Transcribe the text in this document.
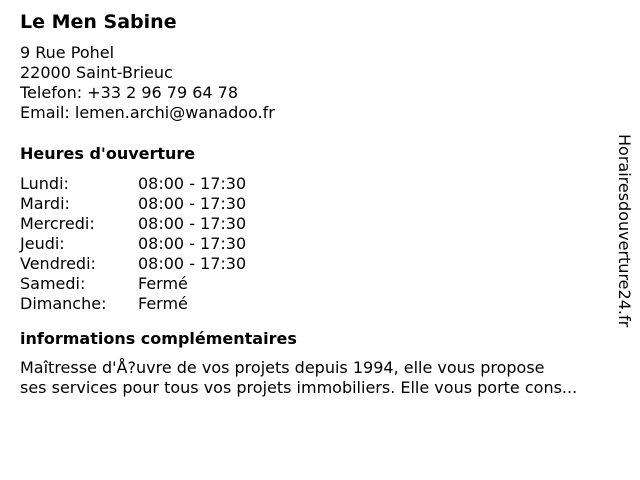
Le Men Sabine
9 Rue Pohel
22000 Saint-Brieuc
Telefon: +33 2 96 79 64 78
Email: lemen.archi@wanadoo.fr
Heures d'ouverture
Lundi:	08:00 - 17:30
Mardi:	08:00 - 17:30
Mercredi:	08:00 - 17:30
Jeudi:	08:00 - 17:30
Vendredi:	08:00 - 17:30
Samedi:	Fermé
Dimanche: Fermé
informations complémentaires
Maîtresse d'Å?uvre de vos projets depuis 1994, elle vous propose
ses services pour tous vos projets immobiliers. Elle vous porte cons...
Horairesdouverture24.fr
